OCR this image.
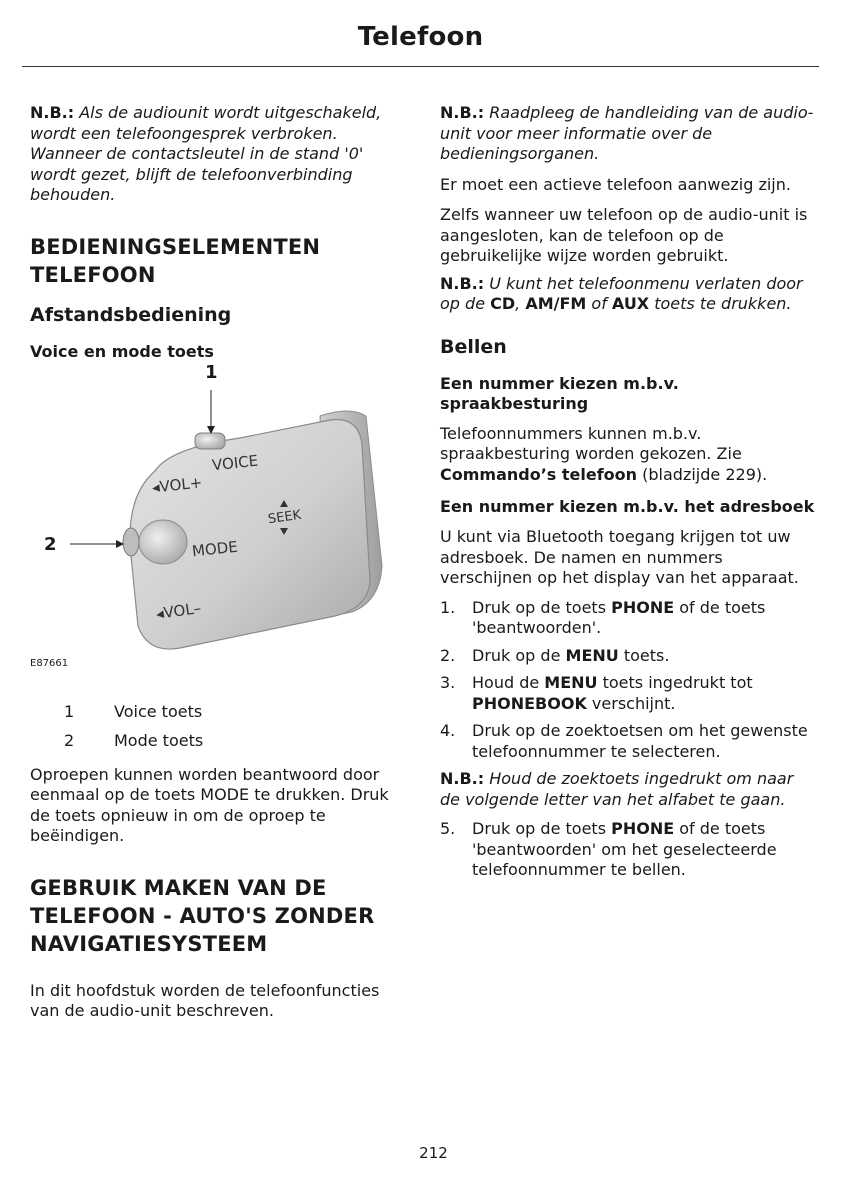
Telefoon

N.B.: Als de audiounit wordt uitgeschakeld, wordt een telefoongesprek verbroken. Wanneer de contactsleutel in de stand '0' wordt gezet, blijft de telefoonverbinding behouden.

BEDIENINGSELEMENTEN TELEFOON
Afstandsbediening
Voice en mode toets
1
2
VOICE
◂VOL+
MODE
SEEK
◂VOL–
E87661
1	Voice toets
2	Mode toets

Oproepen kunnen worden beantwoord door eenmaal op de toets MODE te drukken. Druk de toets opnieuw in om de oproep te beëindigen.

GEBRUIK MAKEN VAN DE TELEFOON - AUTO'S ZONDER NAVIGATIESYSTEEM

In dit hoofdstuk worden de telefoonfuncties van de audio-unit beschreven.

N.B.: Raadpleeg de handleiding van de audio-unit voor meer informatie over de bedieningsorganen.

Er moet een actieve telefoon aanwezig zijn.

Zelfs wanneer uw telefoon op de audio-unit is aangesloten, kan de telefoon op de gebruikelijke wijze worden gebruikt.

N.B.: U kunt het telefoonmenu verlaten door op de CD, AM/FM of AUX toets te drukken.

Bellen
Een nummer kiezen m.b.v. spraakbesturing

Telefoonnummers kunnen m.b.v. spraakbesturing worden gekozen. Zie Commando’s telefoon (bladzijde 229).

Een nummer kiezen m.b.v. het adresboek

U kunt via Bluetooth toegang krijgen tot uw adresboek. De namen en nummers verschijnen op het display van het apparaat.

1.	Druk op de toets PHONE of de toets 'beantwoorden'.
2.	Druk op de MENU toets.
3.	Houd de MENU toets ingedrukt tot PHONEBOOK verschijnt.
4.	Druk op de zoektoetsen om het gewenste telefoonnummer te selecteren.

N.B.: Houd de zoektoets ingedrukt om naar de volgende letter van het alfabet te gaan.

5.	Druk op de toets PHONE of de toets 'beantwoorden' om het geselecteerde telefoonnummer te bellen.
212
